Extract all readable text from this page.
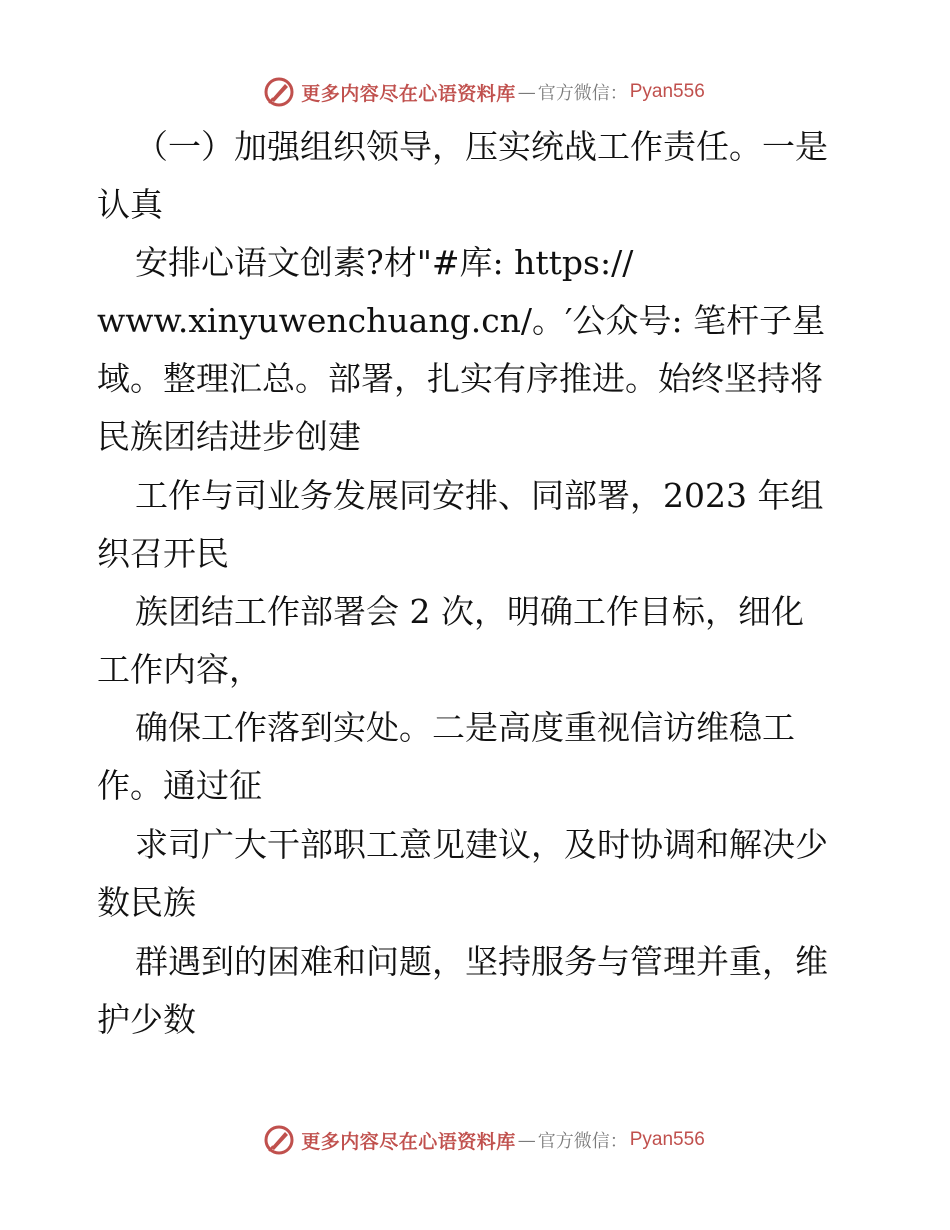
更多内容尽在心语资料库 — 官方微信： Pyan556
（一）加强组织领导，压实统战工作责任。一是
认真
安排心语文创素?材"#库: https://
www.xinyuwenchuang.cn/。′公众号: 笔杆子星
域。整理汇总。部署，扎实有序推进。始终坚持将
民族团结进步创建
工作与司业务发展同安排、同部署，2023 年组
织召开民
族团结工作部署会 2 次，明确工作目标，细化
工作内容，
确保工作落到实处。二是高度重视信访维稳工
作。通过征
求司广大干部职工意见建议，及时协调和解决少
数民族
群遇到的困难和问题，坚持服务与管理并重，维
护少数
更多内容尽在心语资料库 — 官方微信： Pyan556
